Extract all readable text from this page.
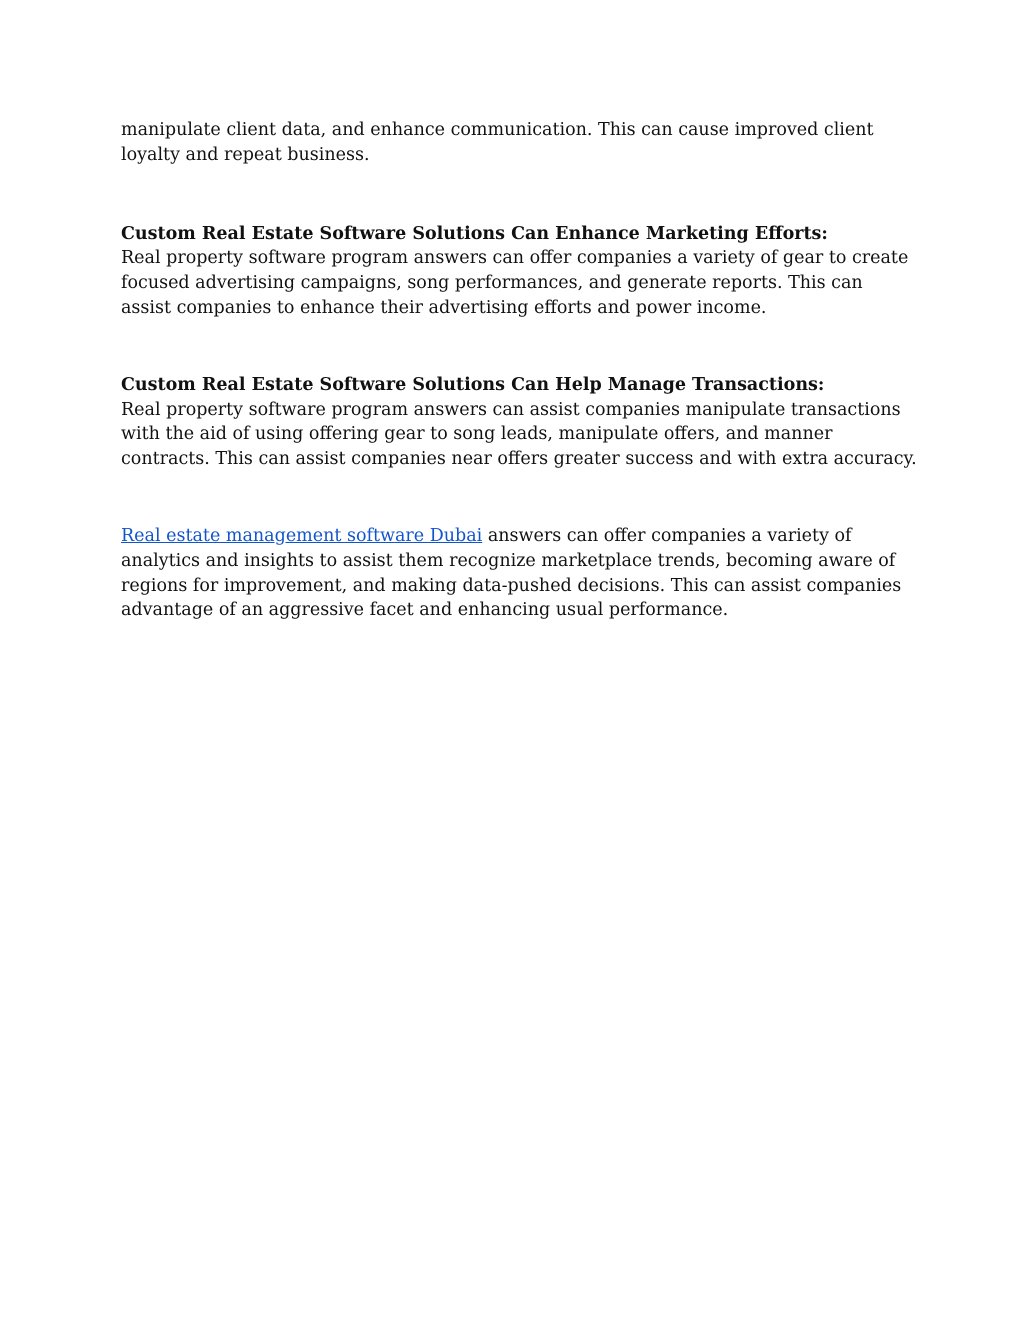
manipulate client data, and enhance communication. This can cause improved client
loyalty and repeat business.

Custom Real Estate Software Solutions Can Enhance Marketing Efforts:

Real property software program answers can offer companies a variety of gear to create
focused advertising campaigns, song performances, and generate reports. This can
assist companies to enhance their advertising efforts and power income.

Custom Real Estate Software Solutions Can Help Manage Transactions:

Real property software program answers can assist companies manipulate transactions
with the aid of using offering gear to song leads, manipulate offers, and manner
contracts. This can assist companies near offers greater success and with extra accuracy.

Real estate management software Dubai answers can offer companies a variety of
analytics and insights to assist them recognize marketplace trends, becoming aware of
regions for improvement, and making data-pushed decisions. This can assist companies
advantage of an aggressive facet and enhancing usual performance.
